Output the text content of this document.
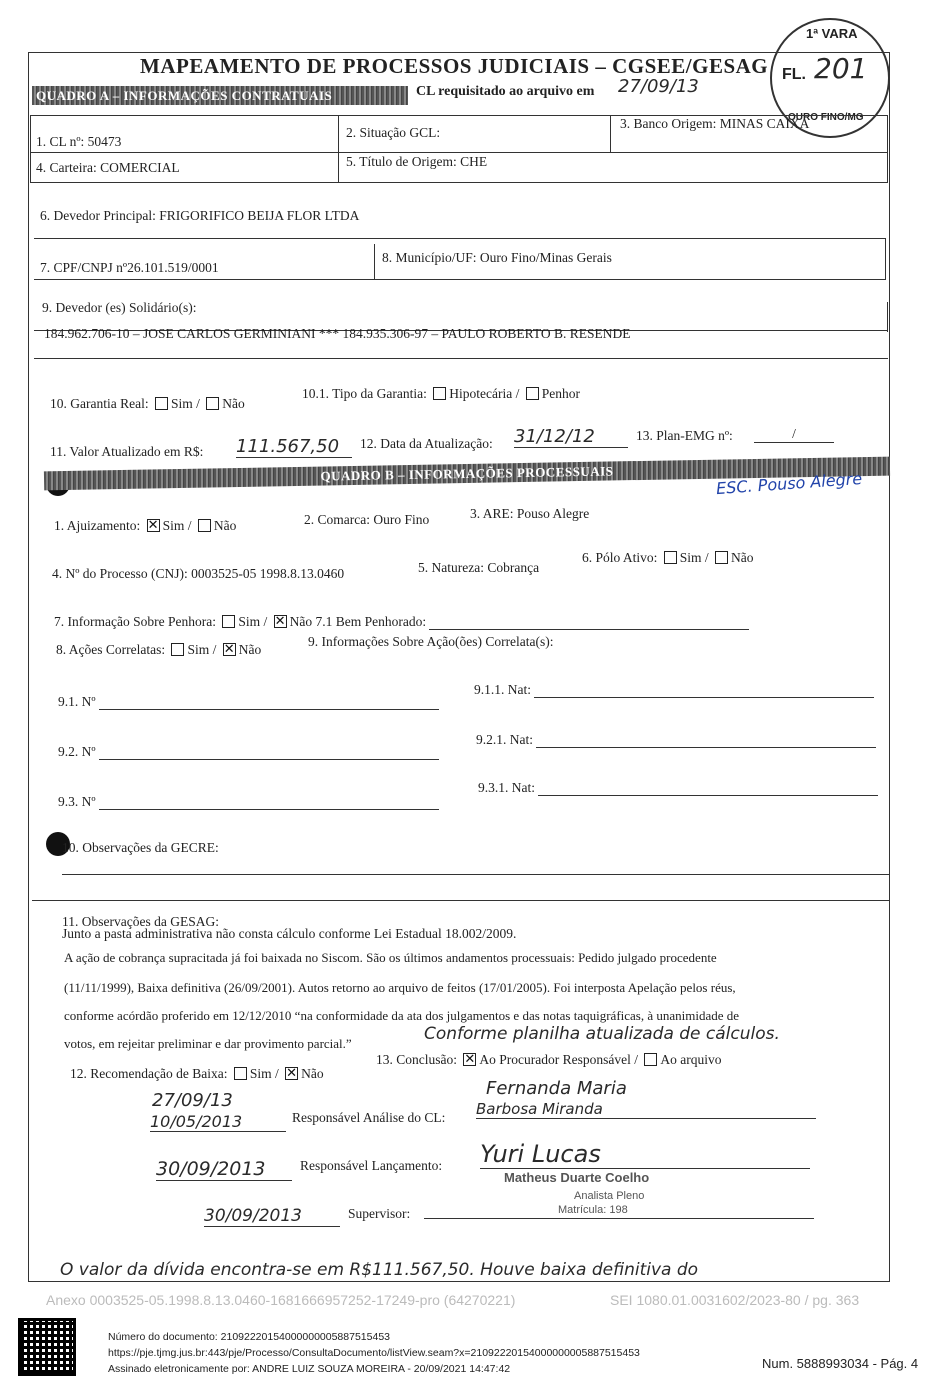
MAPEAMENTO DE PROCESSOS JUDICIAIS – CGSEE/GESAG
1ª VARA
FL. 201
OURO FINO/MG
QUADRO A – INFORMAÇÕES CONTRATUAIS	CL requisitado ao arquivo em 27/09/13
1. CL nº: 50473
2. Situação GCL:
3. Banco Origem: MINAS CAIXA
4. Carteira: COMERCIAL	5. Título de Origem: CHE
6. Devedor Principal: FRIGORIFICO BEIJA FLOR LTDA
7. CPF/CNPJ nº26.101.519/0001
8. Município/UF: Ouro Fino/Minas Gerais
9. Devedor (es) Solidário(s):
184.962.706-10 – JOSE CARLOS GERMINIANI *** 184.935.306-97 – PAULO ROBERTO B. RESENDE
10. Garantia Real: Sim / Não
10.1. Tipo da Garantia: Hipotecária / Penhor
11. Valor Atualizado em R$: 111.567,50	12. Data da Atualização: 31/12/12	13. Plan-EMG nº:	/
QUADRO B – INFORMAÇÕES PROCESSUAIS	ESC. Pouso Alegre
1. Ajuizamento: ✕ Sim / Não	2. Comarca: Ouro Fino	3. ARE: Pouso Alegre
4. Nº do Processo (CNJ): 0003525-05 1998.8.13.0460	5. Natureza: Cobrança
6. Pólo Ativo: Sim / Não
7. Informação Sobre Penhora: Sim / ✕ Não 7.1 Bem Penhorado:
8. Ações Correlatas: Sim / ✕ Não
9. Informações Sobre Ação(ões) Correlata(s):
9.1. Nº
9.1.1. Nat:
9.2. Nº
9.2.1. Nat:
9.3. Nº
9.3.1. Nat:
10. Observações da GECRE:
11. Observações da GESAG:
Junto a pasta administrativa não consta cálculo conforme Lei Estadual 18.002/2009.
A ação de cobrança supracitada já foi baixada no Siscom. São os últimos andamentos processuais: Pedido julgado procedente
(11/11/1999), Baixa definitiva (26/09/2001). Autos retorno ao arquivo de feitos (17/01/2005). Foi interposta Apelação pelos réus,
conforme acórdão proferido em 12/12/2010 “na conformidade da ata dos julgamentos e das notas taquigráficas, à unanimidade de
votos, em rejeitar preliminar e dar provimento parcial.”	Conforme planilha atualizada de cálculos.
12. Recomendação de Baixa: Sim / ✕ Não
13. Conclusão: ✕ Ao Procurador Responsável / Ao arquivo
27/09/13
10/05/2013	Responsável Análise do CL:
Fernanda Maria
Barbosa Miranda
30/09/2013	Responsável Lançamento: Yuri Lucas
Matheus Duarte Coelho
Analista Pleno
Matrícula: 198
30/09/2013	Supervisor:
O valor da dívida encontra-se em R$111.567,50. Houve baixa definitiva do
Anexo 0003525-05.1998.8.13.0460-1681666957252-17249-pro (64270221)	SEI 1080.01.0031602/2023-80 / pg. 363
Número do documento: 21092220154000000005887515453
https://pje.tjmg.jus.br:443/pje/Processo/ConsultaDocumento/listView.seam?x=21092220154000000005887515453
Assinado eletronicamente por: ANDRE LUIZ SOUZA MOREIRA - 20/09/2021 14:47:42	Num. 5888993034 - Pág. 4
